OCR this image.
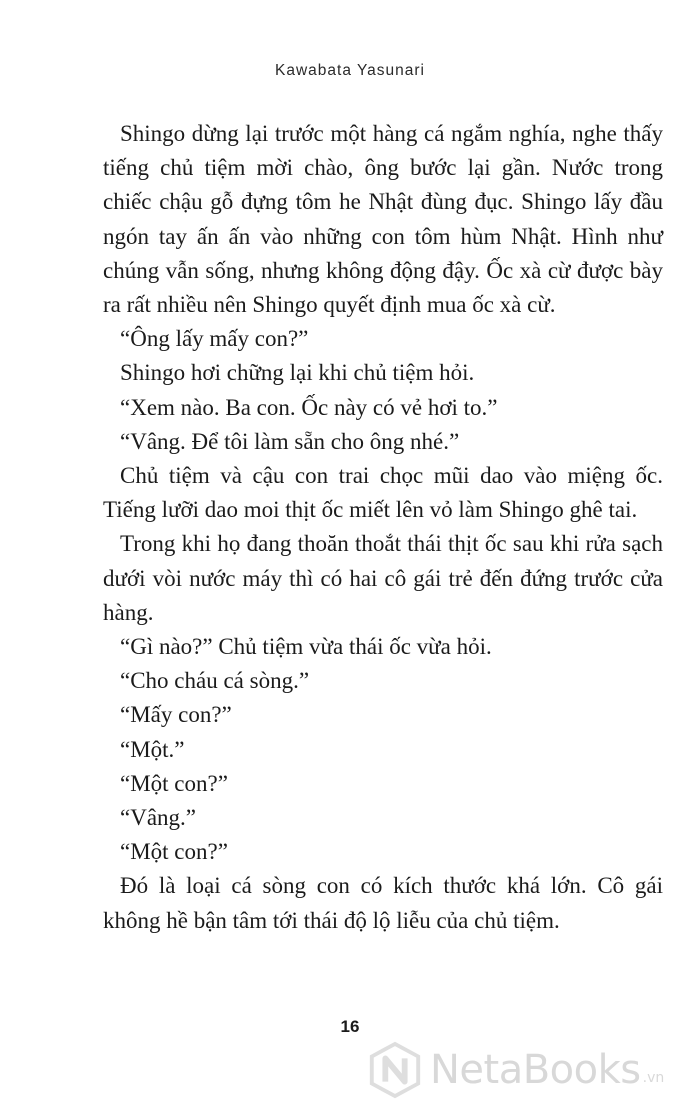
Kawabata Yasunari

Shingo dừng lại trước một hàng cá ngắm nghía, nghe thấy tiếng chủ tiệm mời chào, ông bước lại gần. Nước trong chiếc chậu gỗ đựng tôm he Nhật đùng đục. Shingo lấy đầu ngón tay ấn ấn vào những con tôm hùm Nhật. Hình như chúng vẫn sống, nhưng không động đậy. Ốc xà cừ được bày ra rất nhiều nên Shingo quyết định mua ốc xà cừ.

“Ông lấy mấy con?”

Shingo hơi chững lại khi chủ tiệm hỏi.

“Xem nào. Ba con. Ốc này có vẻ hơi to.”

“Vâng. Để tôi làm sẵn cho ông nhé.”

Chủ tiệm và cậu con trai chọc mũi dao vào miệng ốc. Tiếng lưỡi dao moi thịt ốc miết lên vỏ làm Shingo ghê tai.

Trong khi họ đang thoăn thoắt thái thịt ốc sau khi rửa sạch dưới vòi nước máy thì có hai cô gái trẻ đến đứng trước cửa hàng.

“Gì nào?” Chủ tiệm vừa thái ốc vừa hỏi.

“Cho cháu cá sòng.”

“Mấy con?”

“Một.”

“Một con?”

“Vâng.”

“Một con?”

Đó là loại cá sòng con có kích thước khá lớn. Cô gái không hề bận tâm tới thái độ lộ liễu của chủ tiệm.

16
NetaBooks .vn
